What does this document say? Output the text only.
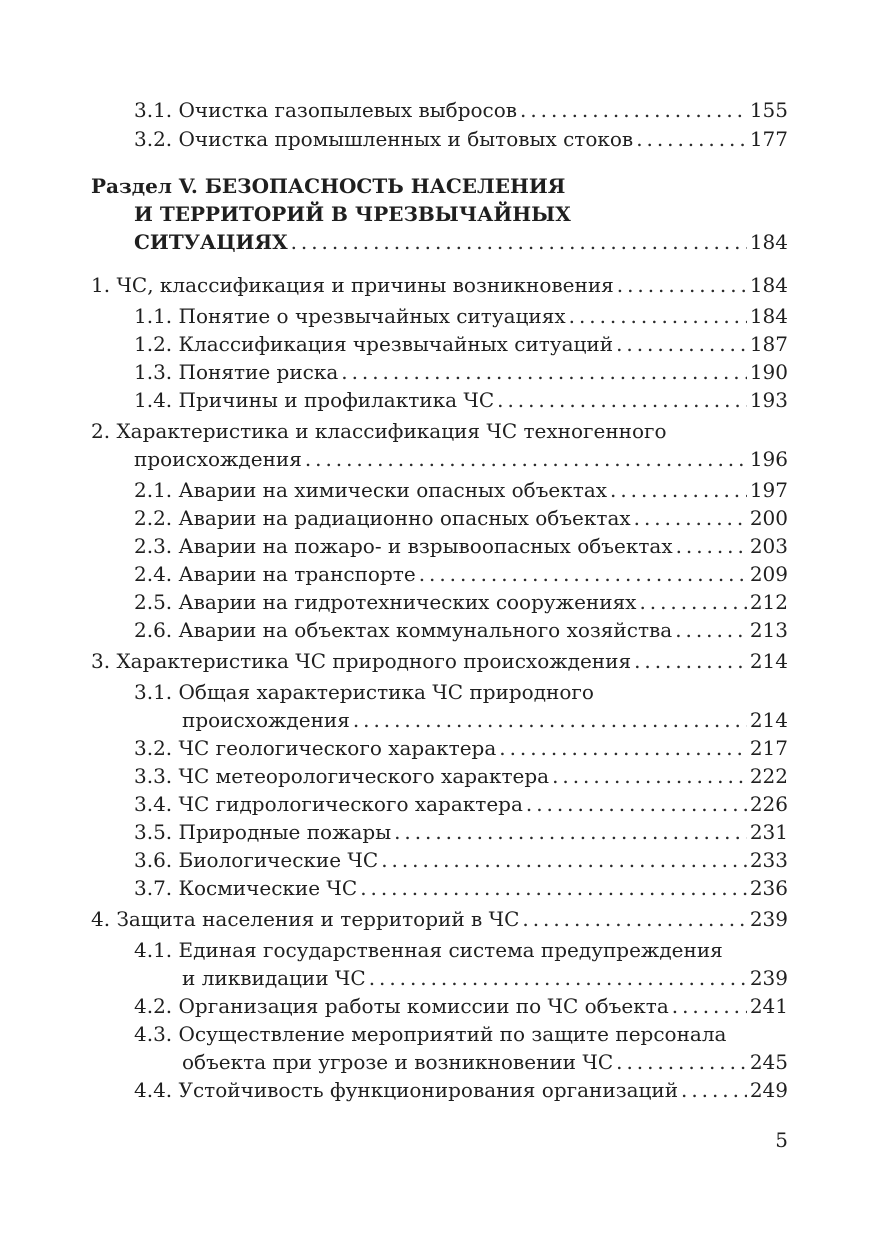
3.1. Очистка газопылевых выбросов . . .	155
3.2. Очистка промышленных и бытовых стоков . . .	177
Раздел V. БЕЗОПАСНОСТЬ НАСЕЛЕНИЯ
И ТЕРРИТОРИЙ В ЧРЕЗВЫЧАЙНЫХ
СИТУАЦИЯХ . . .	184
1. ЧС, классификация и причины возникновения . . .	184
1.1. Понятие о чрезвычайных ситуациях . . .	184
1.2. Классификация чрезвычайных ситуаций . . .	187
1.3. Понятие риска . . .	190
1.4. Причины и профилактика ЧС . . .	193
2. Характеристика и классификация ЧС техногенного
происхождения . . .	196
2.1. Аварии на химически опасных объектах . . .	197
2.2. Аварии на радиационно опасных объектах . . .	200
2.3. Аварии на пожаро- и взрывоопасных объектах . . .	203
2.4. Аварии на транспорте . . .	209
2.5. Аварии на гидротехнических сооружениях . . .	212
2.6. Аварии на объектах коммунального хозяйства . . .	213
3. Характеристика ЧС природного происхождения . . .	214
3.1. Общая характеристика ЧС природного
происхождения . . .	214
3.2. ЧС геологического характера . . .	217
3.3. ЧС метеорологического характера . . .	222
3.4. ЧС гидрологического характера . . .	226
3.5. Природные пожары . . .	231
3.6. Биологические ЧС . . .	233
3.7. Космические ЧС . . .	236
4. Защита населения и территорий в ЧС . . .	239
4.1. Единая государственная система предупреждения
и ликвидации ЧС . . .	239
4.2. Организация работы комиссии по ЧС объекта . . .	241
4.3. Осуществление мероприятий по защите персонала
объекта при угрозе и возникновении ЧС . . .	245
4.4. Устойчивость функционирования организаций . . .	249
5
